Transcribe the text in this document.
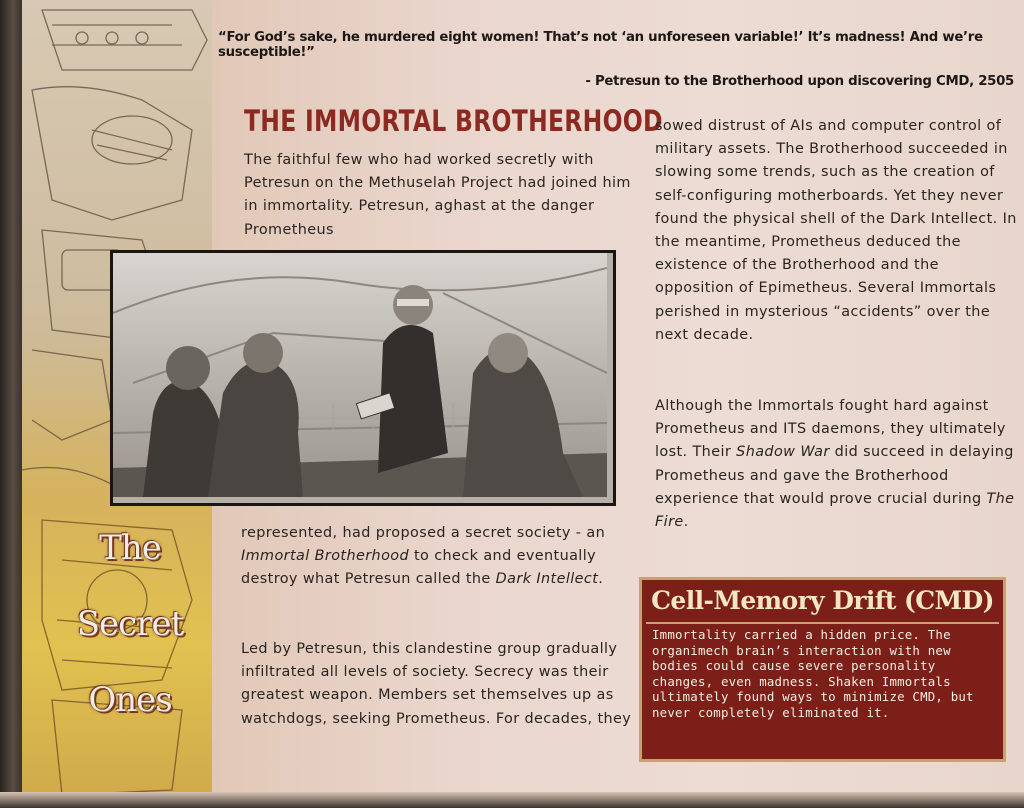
The
Secret
Ones
“For God’s sake, he murdered eight women! That’s not ‘an unforeseen variable!’ It’s madness! And we’re susceptible!”
- Petresun to the Brotherhood upon discovering CMD, 2505
THE IMMORTAL BROTHERHOOD
The faithful few who had worked secretly with Petresun on the Methuselah Project had joined him in immortality. Petresun, aghast at the danger Prometheus
represented, had proposed a secret society - an Immortal Brotherhood to check and eventually destroy what Petresun called the Dark Intellect.
Led by Petresun, this clandestine group gradually infiltrated all levels of society. Secrecy was their greatest weapon. Members set themselves up as watchdogs, seeking Prometheus. For decades, they
sowed distrust of AIs and computer control of military assets. The Brotherhood succeeded in slowing some trends, such as the creation of self-configuring motherboards. Yet they never found the physical shell of the Dark Intellect. In the meantime, Prometheus deduced the existence of the Brotherhood and the opposition of Epimetheus. Several Immortals perished in mysterious “accidents” over the next decade.
Although the Immortals fought hard against Prometheus and ITS daemons, they ultimately lost. Their Shadow War did succeed in delaying Prometheus and gave the Brotherhood experience that would prove crucial during The Fire.
Cell-Memory Drift (CMD)
Immortality carried a hidden price. The organimech brain’s interaction with new bodies could cause severe personality changes, even madness. Shaken Immortals ultimately found ways to minimize CMD, but never completely eliminated it.
